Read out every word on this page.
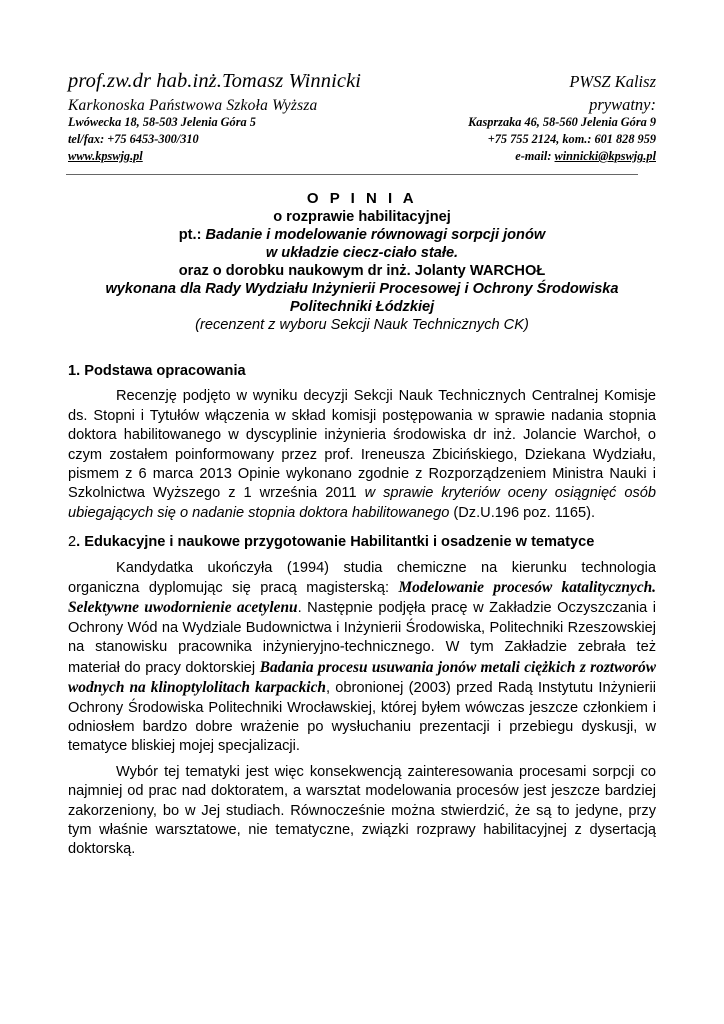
prof.zw.dr hab.inż.Tomasz Winnicki	PWSZ Kalisz
Karkonoska Państwowa Szkoła Wyższa	prywatny:
Lwówecka 18, 58-503 Jelenia Góra 5	Kasprzaka 46, 58-560 Jelenia Góra 9
tel/fax: +75 6453-300/310	+75 755 2124, kom.: 601 828 959
www.kpswjg.pl	e-mail: winnicki@kpswjg.pl
O P I N I A
o rozprawie habilitacyjnej
pt.: Badanie i modelowanie równowagi sorpcji jonów
w układzie ciecz-ciało stałe.
oraz o dorobku naukowym dr inż. Jolanty WARCHOŁ
wykonana dla Rady Wydziału Inżynierii Procesowej i Ochrony Środowiska
Politechniki Łódzkiej
(recenzent z wyboru Sekcji Nauk Technicznych CK)
1. Podstawa opracowania

Recenzję podjęto w wyniku decyzji Sekcji Nauk Technicznych Centralnej Komisje ds. Stopni i Tytułów włączenia w skład komisji postępowania w sprawie nadania stopnia doktora habilitowanego w dyscyplinie inżynieria środowiska dr inż. Jolancie Warchoł, o czym zostałem poinformowany przez prof. Ireneusza Zbicińskiego, Dziekana Wydziału, pismem z 6 marca 2013 Opinie wykonano zgodnie z Rozporządzeniem Ministra Nauki i Szkolnictwa Wyższego z 1 września 2011 w sprawie kryteriów oceny osiągnięć osób ubiegających się o nadanie stopnia doktora habilitowanego (Dz.U.196 poz. 1165).

2. Edukacyjne i naukowe przygotowanie Habilitantki i osadzenie w tematyce

Kandydatka ukończyła (1994) studia chemiczne na kierunku technologia organiczna dyplomując się pracą magisterską: Modelowanie procesów katalitycznych. Selektywne uwodornienie acetylenu. Następnie podjęła pracę w Zakładzie Oczyszczania i Ochrony Wód na Wydziale Budownictwa i Inżynierii Środowiska, Politechniki Rzeszowskiej na stanowisku pracownika inżynieryjno-technicznego. W tym Zakładzie zebrała też materiał do pracy doktorskiej Badania procesu usuwania jonów metali ciężkich z roztworów wodnych na klinoptylolitach karpackich, obronionej (2003) przed Radą Instytutu Inżynierii Ochrony Środowiska Politechniki Wrocławskiej, której byłem wówczas jeszcze członkiem i odniosłem bardzo dobre wrażenie po wysłuchaniu prezentacji i przebiegu dyskusji, w tematyce bliskiej mojej specjalizacji.

Wybór tej tematyki jest więc konsekwencją zainteresowania procesami sorpcji co najmniej od prac nad doktoratem, a warsztat modelowania procesów jest jeszcze bardziej zakorzeniony, bo w Jej studiach. Równocześnie można stwierdzić, że są to jedyne, przy tym właśnie warsztatowe, nie tematyczne, związki rozprawy habilitacyjnej z dysertacją doktorską.
